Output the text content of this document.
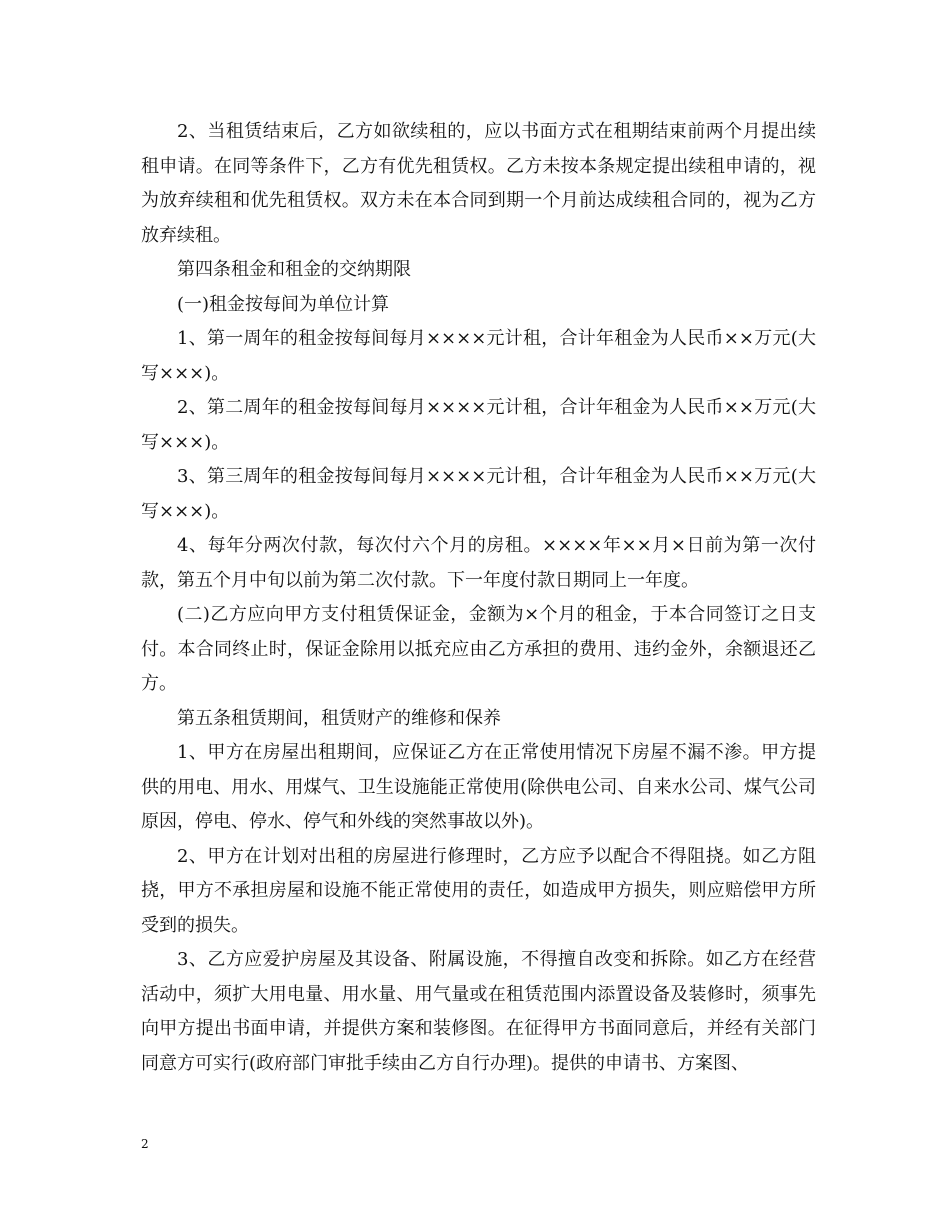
2、当租赁结束后，乙方如欲续租的，应以书面方式在租期结束前两个月提出续租申请。在同等条件下，乙方有优先租赁权。乙方未按本条规定提出续租申请的，视为放弃续租和优先租赁权。双方未在本合同到期一个月前达成续租合同的，视为乙方放弃续租。

第四条租金和租金的交纳期限

(一)租金按每间为单位计算

1、第一周年的租金按每间每月××××元计租，合计年租金为人民币××万元(大写×××)。

2、第二周年的租金按每间每月××××元计租，合计年租金为人民币××万元(大写×××)。

3、第三周年的租金按每间每月××××元计租，合计年租金为人民币××万元(大写×××)。

4、每年分两次付款，每次付六个月的房租。××××年××月×日前为第一次付款，第五个月中旬以前为第二次付款。下一年度付款日期同上一年度。

(二)乙方应向甲方支付租赁保证金，金额为×个月的租金，于本合同签订之日支付。本合同终止时，保证金除用以抵充应由乙方承担的费用、违约金外，余额退还乙方。

第五条租赁期间，租赁财产的维修和保养

1、甲方在房屋出租期间，应保证乙方在正常使用情况下房屋不漏不渗。甲方提供的用电、用水、用煤气、卫生设施能正常使用(除供电公司、自来水公司、煤气公司原因，停电、停水、停气和外线的突然事故以外)。

2、甲方在计划对出租的房屋进行修理时，乙方应予以配合不得阻挠。如乙方阻挠，甲方不承担房屋和设施不能正常使用的责任，如造成甲方损失，则应赔偿甲方所受到的损失。

3、乙方应爱护房屋及其设备、附属设施，不得擅自改变和拆除。如乙方在经营活动中，须扩大用电量、用水量、用气量或在租赁范围内添置设备及装修时，须事先向甲方提出书面申请，并提供方案和装修图。在征得甲方书面同意后，并经有关部门同意方可实行(政府部门审批手续由乙方自行办理)。提供的申请书、方案图、

2
